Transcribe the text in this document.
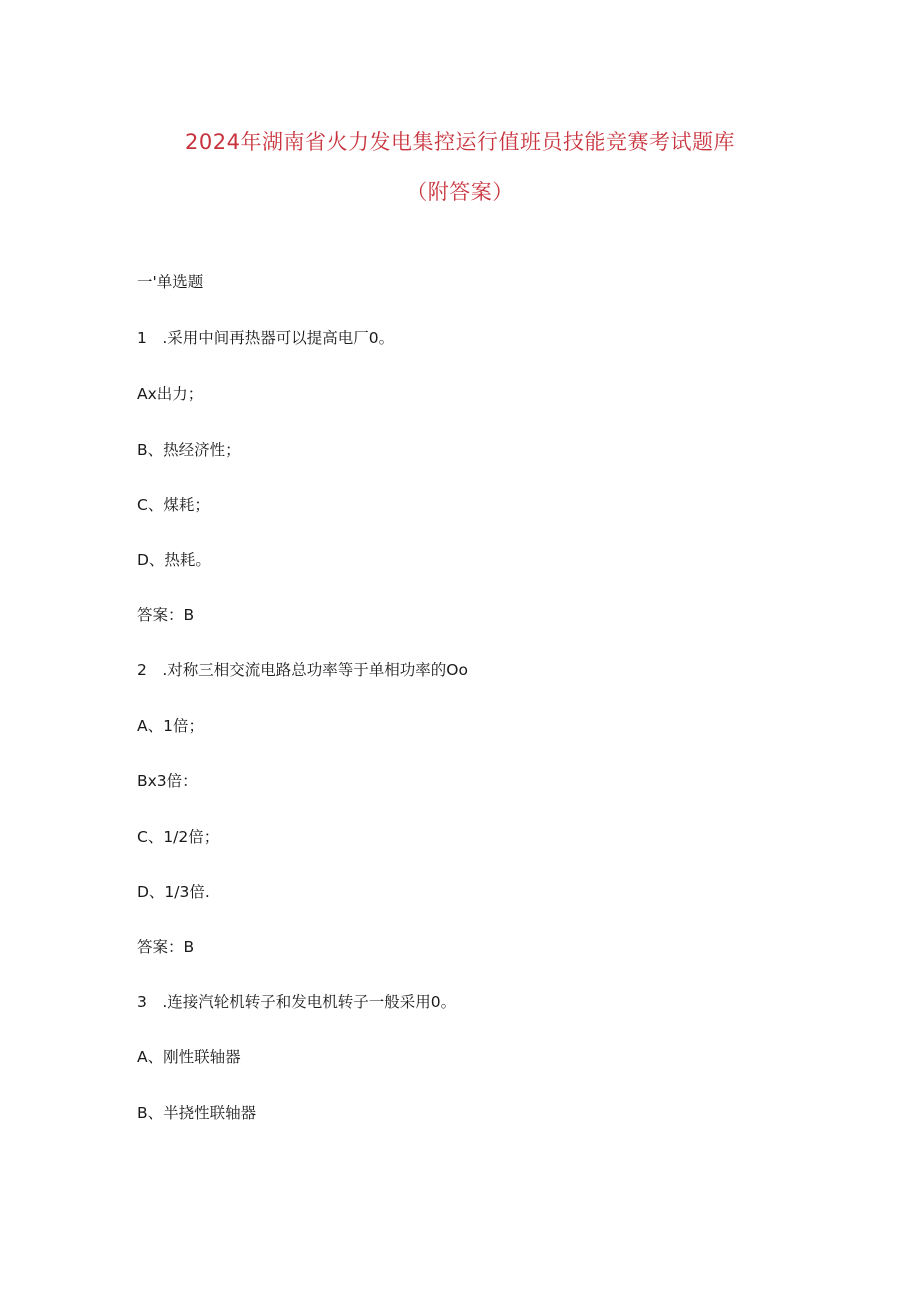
2024年湖南省火力发电集控运行值班员技能竞赛考试题库
（附答案）
一'单选题
1　.采用中间再热器可以提高电厂0。
Ax出力；
B、热经济性；
C、煤耗；
D、热耗。
答案：B
2　.对称三相交流电路总功率等于单相功率的Oo
A、1倍；
Bx3倍：
C、1/2倍；
D、1/3倍.
答案：B
3　.连接汽轮机转子和发电机转子一般采用0。
A、刚性联轴器
B、半挠性联轴器
